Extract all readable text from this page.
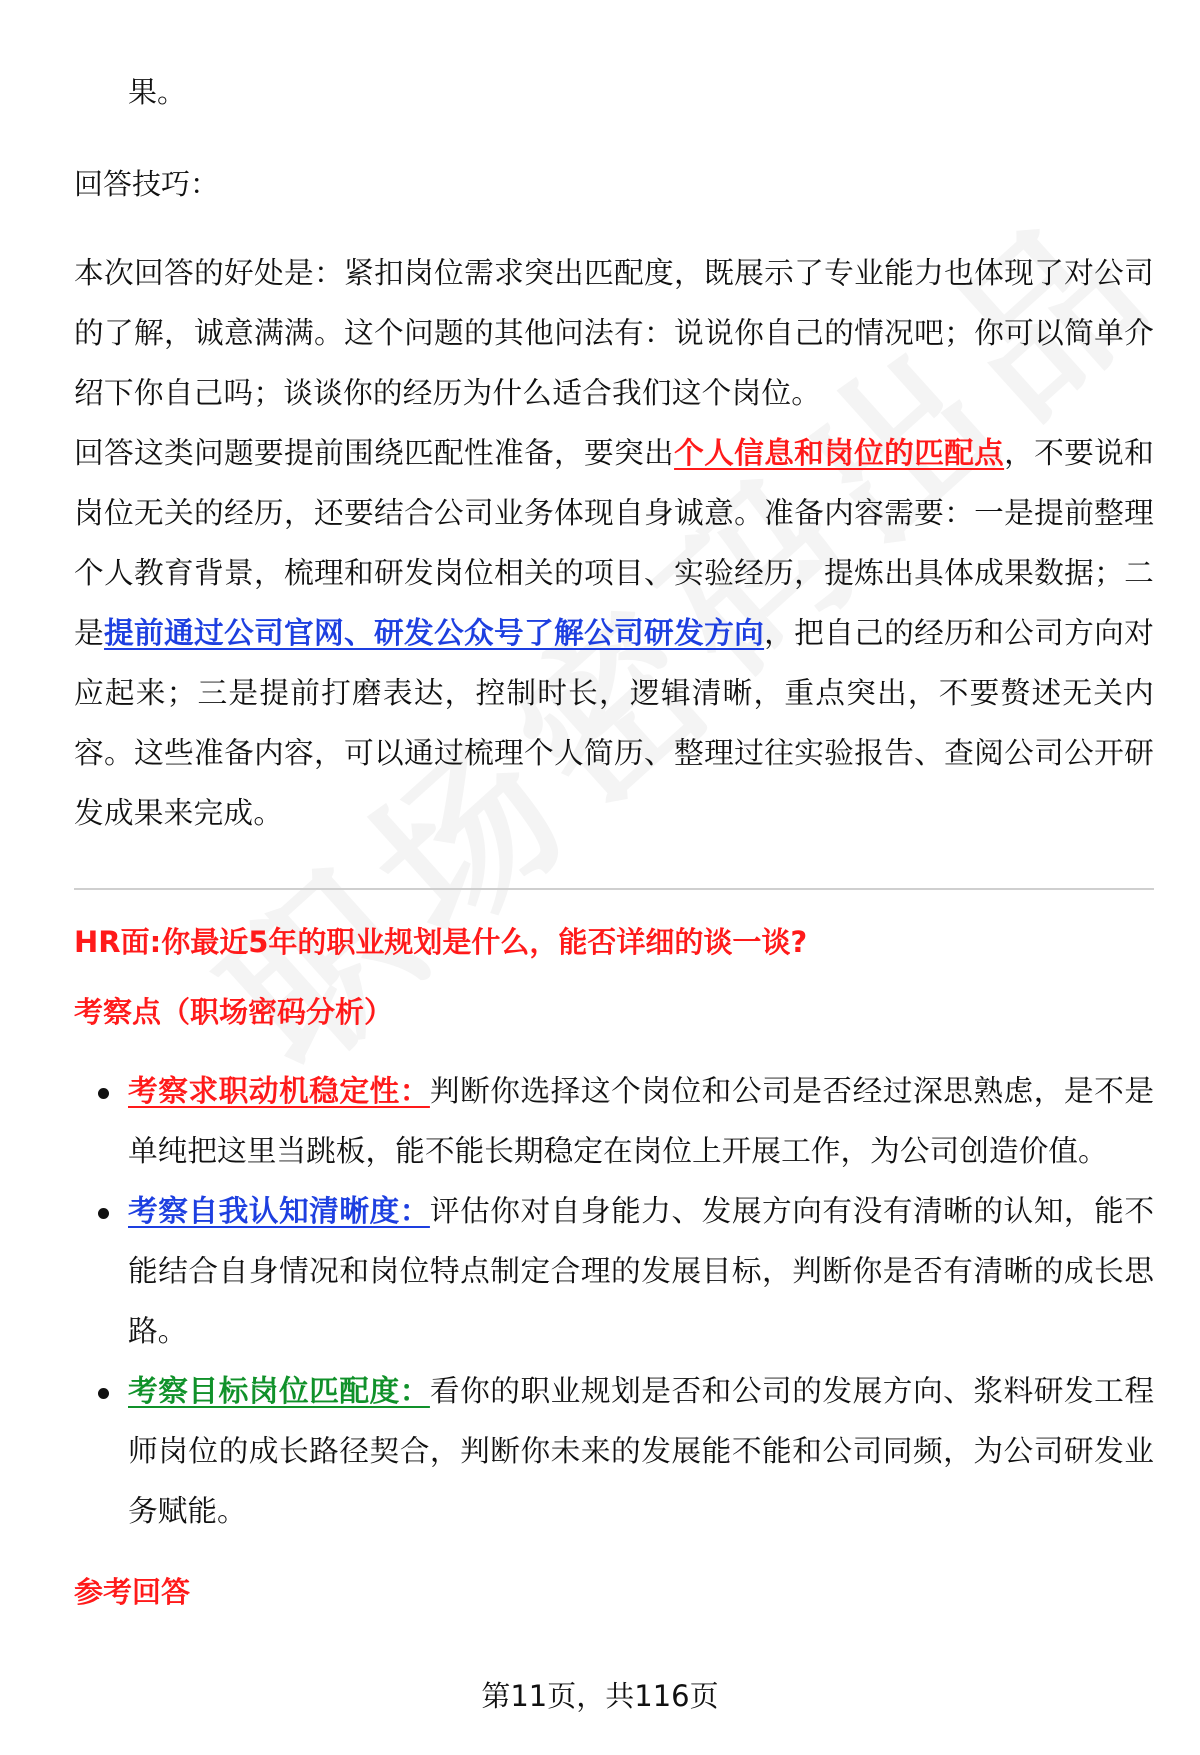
果。
回答技巧：
本次回答的好处是：紧扣岗位需求突出匹配度，既展示了专业能力也体现了对公司的了解，诚意满满。这个问题的其他问法有：说说你自己的情况吧；你可以简单介绍下你自己吗；谈谈你的经历为什么适合我们这个岗位。
回答这类问题要提前围绕匹配性准备，要突出个人信息和岗位的匹配点，不要说和岗位无关的经历，还要结合公司业务体现自身诚意。准备内容需要：一是提前整理个人教育背景，梳理和研发岗位相关的项目、实验经历，提炼出具体成果数据；二是提前通过公司官网、研发公众号了解公司研发方向，把自己的经历和公司方向对应起来；三是提前打磨表达，控制时长，逻辑清晰，重点突出，不要赘述无关内容。这些准备内容，可以通过梳理个人简历、整理过往实验报告、查阅公司公开研发成果来完成。
HR面:你最近5年的职业规划是什么，能否详细的谈一谈?
考察点（职场密码分析）
考察求职动机稳定性：判断你选择这个岗位和公司是否经过深思熟虑，是不是单纯把这里当跳板，能不能长期稳定在岗位上开展工作，为公司创造价值。
考察自我认知清晰度：评估你对自身能力、发展方向有没有清晰的认知，能不能结合自身情况和岗位特点制定合理的发展目标，判断你是否有清晰的成长思路。
考察目标岗位匹配度：看你的职业规划是否和公司的发展方向、浆料研发工程师岗位的成长路径契合，判断你未来的发展能不能和公司同频，为公司研发业务赋能。
参考回答
第11页，共116页
